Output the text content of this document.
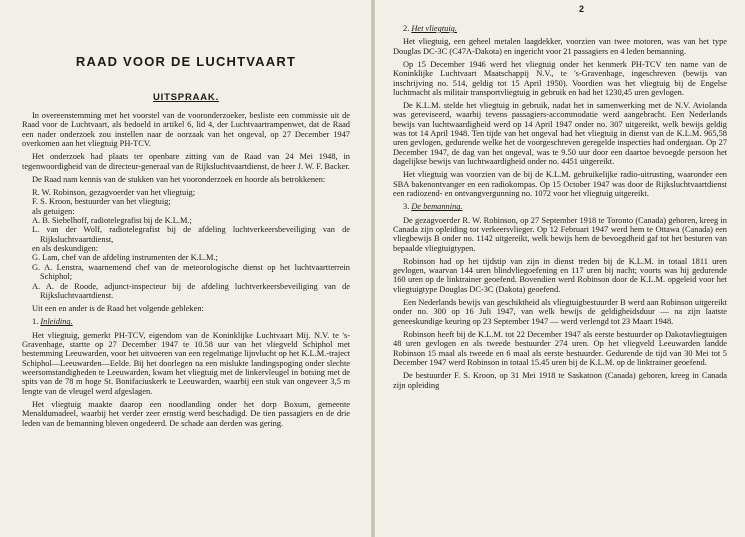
RAAD VOOR DE LUCHTVAART
UITSPRAAK.

In overeenstemming met het voorstel van de vooronderzoeker, besliste een commissie uit de Raad voor de Luchtvaart, als bedoeld in artikel 6, lid 4, der Luchtvaartrampenwet, dat de Raad een nader onderzoek zou instellen naar de oorzaak van het ongeval, op 27 December 1947 overkomen aan het vliegtuig PH-TCV.

Het onderzoek had plaats ter openbare zitting van de Raad van 24 Mei 1948, in tegenwoordigheid van de directeur-generaal van de Rijksluchtvaartdienst, de heer J. W. F. Backer.

De Raad nam kennis van de stukken van het vooronderzoek en hoorde als betrokkenen:

R. W. Robinson, gezagvoerder van het vliegtuig;

F. S. Kroon, bestuurder van het vliegtuig;

als getuigen:

A. B. Siebelhoff, radiotelegrafist bij de K.L.M.;

L. van der Wolf, radiotelegrafist bij de afdeling luchtverkeersbeveiliging van de Rijksluchtvaartdienst,

en als deskundigen:

G. Lam, chef van de afdeling instrumenten der K.L.M.;

G. A. Lenstra, waarnemend chef van de meteorologische dienst op het luchtvaartterrein Schiphol;

A. A. de Roode, adjunct-inspecteur bij de afdeling luchtverkeersbeveiliging van de Rijksluchtvaartdienst.

Uit een en ander is de Raad het volgende gebleken:

1. Inleiding.

Het vliegtuig, gemerkt PH-TCV, eigendom van de Koninklijke Luchtvaart Mij. N.V. te 's-Gravenhage, startte op 27 December 1947 te 10.58 uur van het vliegveld Schiphol met bestemming Leeuwarden, voor het uitvoeren van een regelmatige lijnvlucht op het K.L.M.-traject Schiphol—Leeuwarden—Eelde. Bij het doorlegen na een mislukte landingspoging onder slechte weersomstandigheden te Leeuwarden, kwam het vliegtuig met de linkervleugel in botsing met de spits van de 78 m hoge St. Bonifaciuskerk te Leeuwarden, waarbij een stuk van ongeveer 3,5 m lengte van de vleugel werd afgeslagen.

Het vliegtuig maakte daarop een noodlanding onder het dorp Boxum, gemeente Menaldumadeel, waarbij het verder zeer ernstig werd beschadigd. De tien passagiers en de drie leden van de bemanning bleven ongedeerd. De schade aan derden was gering.

2

2. Het vliegtuig.

Het vliegtuig, een geheel metalen laagdekker, voorzien van twee motoren, was van het type Douglas DC-3C (C47A-Dakota) en ingericht voor 21 passagiers en 4 leden bemanning.

Op 15 December 1946 werd het vliegtuig onder het kenmerk PH-TCV ten name van de Koninklijke Luchtvaart Maatschappij N.V., te 's-Gravenhage, ingeschreven (bewijs van inschrijving no. 514, geldig tot 15 April 1950). Voordien was het vliegtuig bij de Engelse luchtmacht als militair transportvliegtuig in gebruik en had het 1230,45 uren gevlogen.

De K.L.M. stelde het vliegtuig in gebruik, nadat het in samenwerking met de N.V. Aviolanda was gereviseerd, waarbij tevens passagiers-accommodatie werd aangebracht. Een Nederlands bewijs van luchtwaardigheid werd op 14 April 1947 onder no. 307 uitgereikt, welk bewijs geldig was tot 14 April 1948. Ten tijde van het ongeval had het vliegtuig in dienst van de K.L.M. 965,58 uren gevlogen, gedurende welke het de voorgeschreven geregelde inspecties had ondergaan. Op 27 December 1947, de dag van het ongeval, was te 9.50 uur door een daartoe bevoegde persoon het dagelijkse bewijs van luchtwaardigheid onder no. 4451 uitgereikt.

Het vliegtuig was voorzien van de bij de K.L.M. gebruikelijke radio-uitrusting, waaronder een SBA bakenontvanger en een radiokompas. Op 15 October 1947 was door de Rijksluchtvaartdienst een radiozend- en ontvangvergunning no. 1072 voor het vliegtuig uitgereikt.

3. De bemanning.

De gezagvoerder R. W. Robinson, op 27 September 1918 te Toronto (Canada) geboren, kreeg in Canada zijn opleiding tot verkeersvlieger. Op 12 Februari 1947 werd hem te Ottawa (Canada) een vliegbewijs B onder no. 1142 uitgereikt, welk bewijs hem de bevoegdheid gaf tot het besturen van bepaalde vliegtuigtypen.

Robinson had op het tijdstip van zijn in dienst treden bij de K.L.M. in totaal 1811 uren gevlogen, waarvan 144 uren blindvliegoefening en 117 uren bij nacht; voorts was hij gedurende 160 uren op de linktrainer geoefend. Bovendien werd Robinson door de K.L.M. opgeleid voor het vliegtuigtype Douglas DC-3C (Dakota) geoefend.

Een Nederlands bewijs van geschiktheid als vliegtuigbestuurder B werd aan Robinson uitgereikt onder no. 300 op 16 Juli 1947, van welk bewijs de geldigheidsduur — na zijn laatste geneeskundige keuring op 23 September 1947 — werd verlengd tot 23 Maart 1948.

Robinson heeft bij de K.L.M. tot 22 December 1947 als eerste bestuurder op Dakotavliegtuigen 48 uren gevlogen en als tweede bestuurder 274 uren. Op het vliegveld Leeuwarden landde Robinson 15 maal als tweede en 6 maal als eerste bestuurder. Gedurende de tijd van 30 Mei tot 5 December 1947 werd Robinson in totaal 15.45 uren bij de K.L.M. op de linktrainer geoefend.

De bestuurder F. S. Kroon, op 31 Mei 1918 te Saskatoon (Canada) geboren, kreeg in Canada zijn opleiding
